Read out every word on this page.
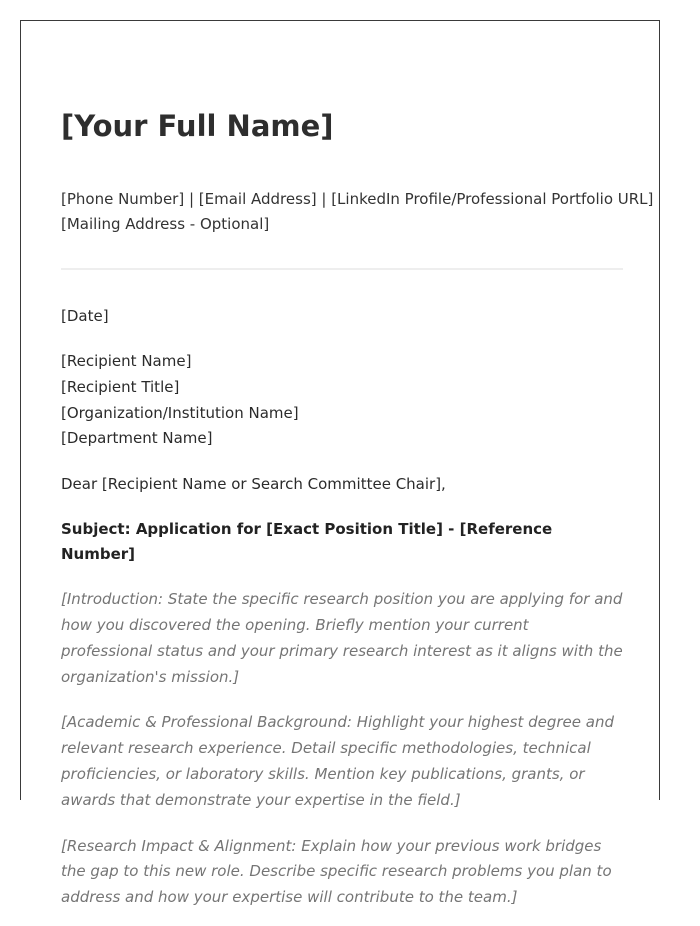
[Your Full Name]
[Phone Number] | [Email Address] | [LinkedIn Profile/Professional Portfolio URL]
[Mailing Address - Optional]
[Date]
[Recipient Name]
[Recipient Title]
[Organization/Institution Name]
[Department Name]
Dear [Recipient Name or Search Committee Chair],
Subject: Application for [Exact Position Title] - [Reference Number]

[Introduction: State the specific research position you are applying for and how you discovered the opening. Briefly mention your current professional status and your primary research interest as it aligns with the organization's mission.]

[Academic & Professional Background: Highlight your highest degree and relevant research experience. Detail specific methodologies, technical proficiencies, or laboratory skills. Mention key publications, grants, or awards that demonstrate your expertise in the field.]

[Research Impact & Alignment: Explain how your previous work bridges the gap to this new role. Describe specific research problems you plan to address and how your expertise will contribute to the team.]
